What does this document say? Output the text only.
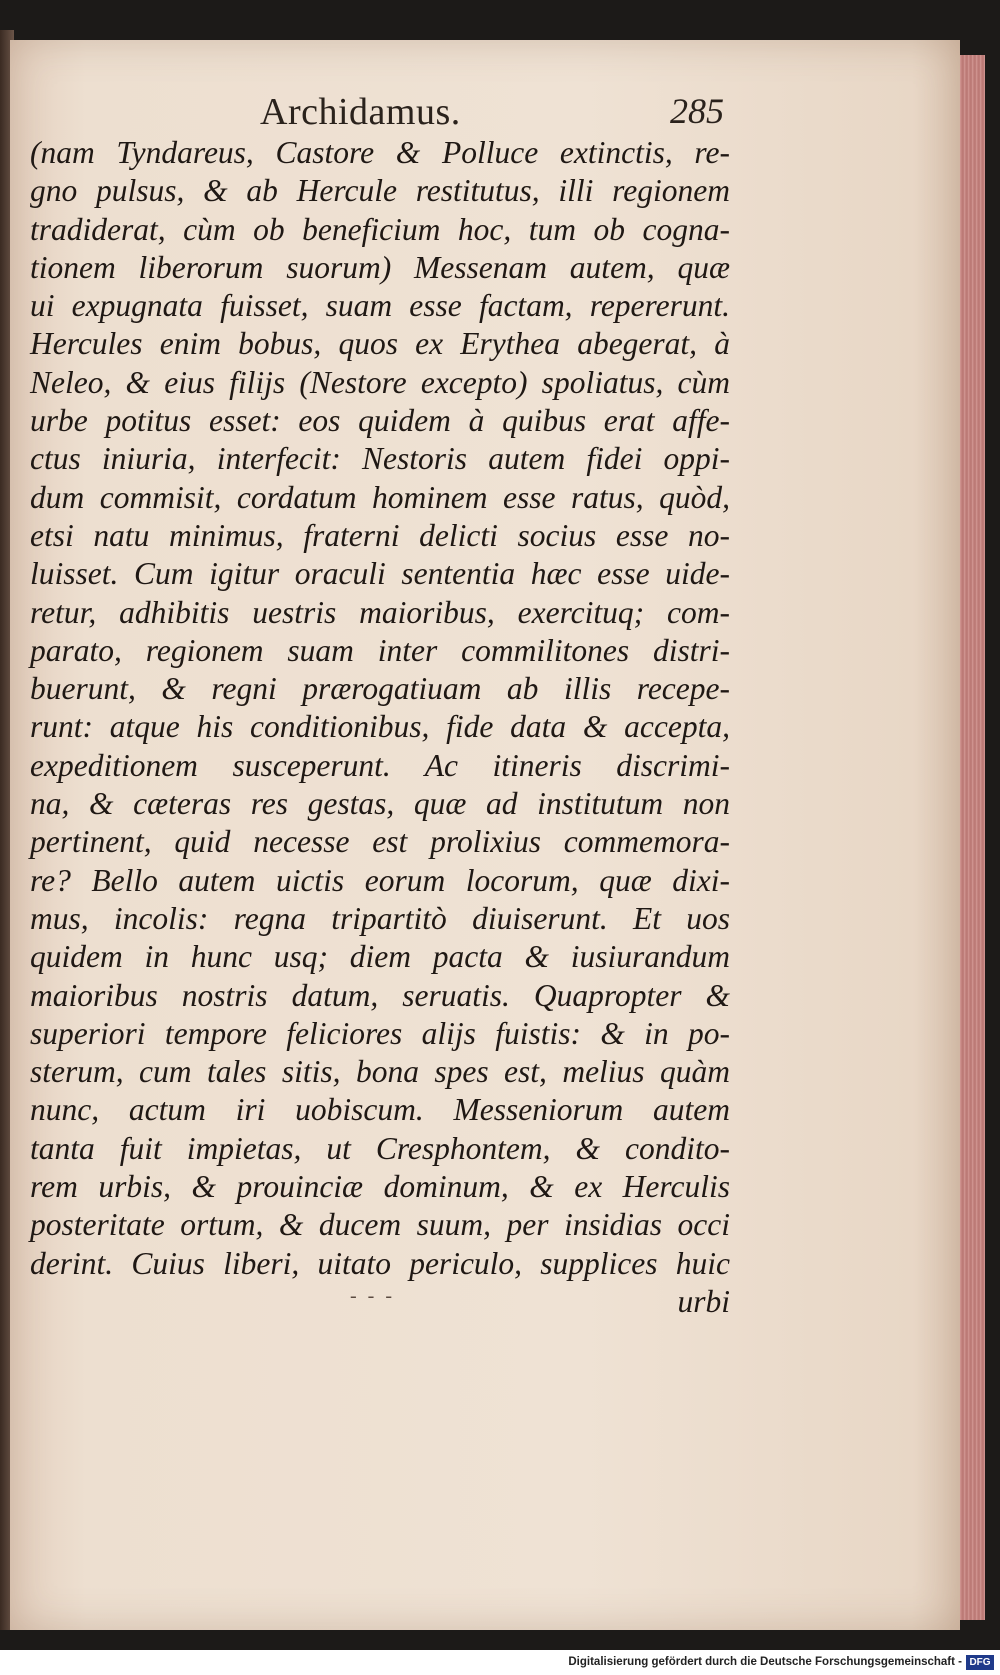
Archidamus.	285
(nam Tyndareus, Castore & Polluce extinctis, re-
gno pulsus, & ab Hercule restitutus, illi regionem
tradiderat, cùm ob beneficium hoc, tum ob cogna-
tionem liberorum suorum) Messenam autem, quæ
ui expugnata fuisset, suam esse factam, repererunt.
Hercules enim bobus, quos ex Erythea abegerat, à
Neleo, & eius filijs (Nestore excepto) spoliatus, cùm
urbe potitus esset: eos quidem à quibus erat affe-
ctus iniuria, interfecit: Nestoris autem fidei oppi-
dum commisit, cordatum hominem esse ratus, quòd,
etsi natu minimus, fraterni delicti socius esse no-
luisset. Cum igitur oraculi sententia hæc esse uide-
retur, adhibitis uestris maioribus, exercituq; com-
parato, regionem suam inter commilitones distri-
buerunt, & regni prærogatiuam ab illis recepe-
runt: atque his conditionibus, fide data & accepta,
expeditionem susceperunt. Ac itineris discrimi-
na, & cæteras res gestas, quæ ad institutum non
pertinent, quid necesse est prolixius commemora-
re? Bello autem uictis eorum locorum, quæ dixi-
mus, incolis: regna tripartitò diuiserunt. Et uos
quidem in hunc usq; diem pacta & iusiurandum
maioribus nostris datum, seruatis. Quapropter &
superiori tempore feliciores alijs fuistis: & in po-
sterum, cum tales sitis, bona spes est, melius quàm
nunc, actum iri uobiscum. Messeniorum autem
tanta fuit impietas, ut Cresphontem, & condito-
rem urbis, & prouinciæ dominum, & ex Herculis
posteritate ortum, & ducem suum, per insidias occi
derint. Cuius liberi, uitato periculo, supplices huic
urbi
- - -
Digitalisierung gefördert durch die Deutsche Forschungsgemeinschaft - DFG
